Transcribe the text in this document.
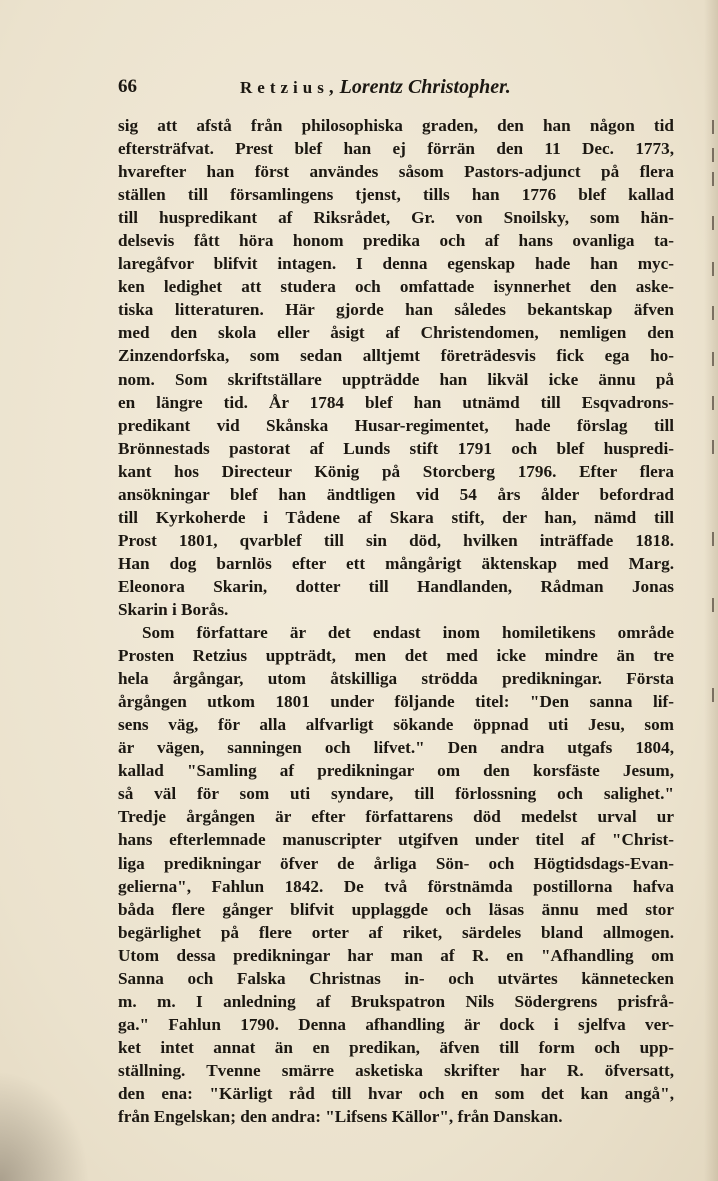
66	Retzius, Lorentz Christopher.
sig att afstå från philosophiska graden, den han någon tid
eftersträfvat. Prest blef han ej förrän den 11 Dec. 1773,
hvarefter han först användes såsom Pastors-adjunct på flera
ställen till församlingens tjenst, tills han 1776 blef kallad
till huspredikant af Riksrådet, Gr. von Snoilsky, som hän-
delsevis fått höra honom predika och af hans ovanliga ta-
laregåfvor blifvit intagen. I denna egenskap hade han myc-
ken ledighet att studera och omfattade isynnerhet den aske-
tiska litteraturen. Här gjorde han således bekantskap äfven
med den skola eller åsigt af Christendomen, nemligen den
Zinzendorfska, som sedan alltjemt företrädesvis fick ega ho-
nom. Som skriftställare uppträdde han likväl icke ännu på
en längre tid. År 1784 blef han utnämd till Esqvadrons-
predikant vid Skånska Husar-regimentet, hade förslag till
Brönnestads pastorat af Lunds stift 1791 och blef huspredi-
kant hos Directeur König på Storcberg 1796. Efter flera
ansökningar blef han ändtligen vid 54 års ålder befordrad
till Kyrkoherde i Tådene af Skara stift, der han, nämd till
Prost 1801, qvarblef till sin död, hvilken inträffade 1818.
Han dog barnlös efter ett mångårigt äktenskap med Marg.
Eleonora Skarin, dotter till Handlanden, Rådman Jonas
Skarin i Borås.
Som författare är det endast inom homiletikens område
Prosten Retzius uppträdt, men det med icke mindre än tre
hela årgångar, utom åtskilliga strödda predikningar. Första
årgången utkom 1801 under följande titel: "Den sanna lif-
sens väg, för alla alfvarligt sökande öppnad uti Jesu, som
är vägen, sanningen och lifvet." Den andra utgafs 1804,
kallad "Samling af predikningar om den korsfäste Jesum,
så väl för som uti syndare, till förlossning och salighet."
Tredje årgången är efter författarens död medelst urval ur
hans efterlemnade manuscripter utgifven under titel af "Christ-
liga predikningar öfver de årliga Sön- och Högtidsdags-Evan-
gelierna", Fahlun 1842. De två förstnämda postillorna hafva
båda flere gånger blifvit upplaggde och läsas ännu med stor
begärlighet på flere orter af riket, särdeles bland allmogen.
Utom dessa predikningar har man af R. en "Afhandling om
Sanna och Falska Christnas in- och utvärtes kännetecken
m. m. I anledning af Brukspatron Nils Södergrens prisfrå-
ga." Fahlun 1790. Denna afhandling är dock i sjelfva ver-
ket intet annat än en predikan, äfven till form och upp-
ställning. Tvenne smärre asketiska skrifter har R. öfversatt,
den ena: "Kärligt råd till hvar och en som det kan angå",
från Engelskan; den andra: "Lifsens Källor", från Danskan.
